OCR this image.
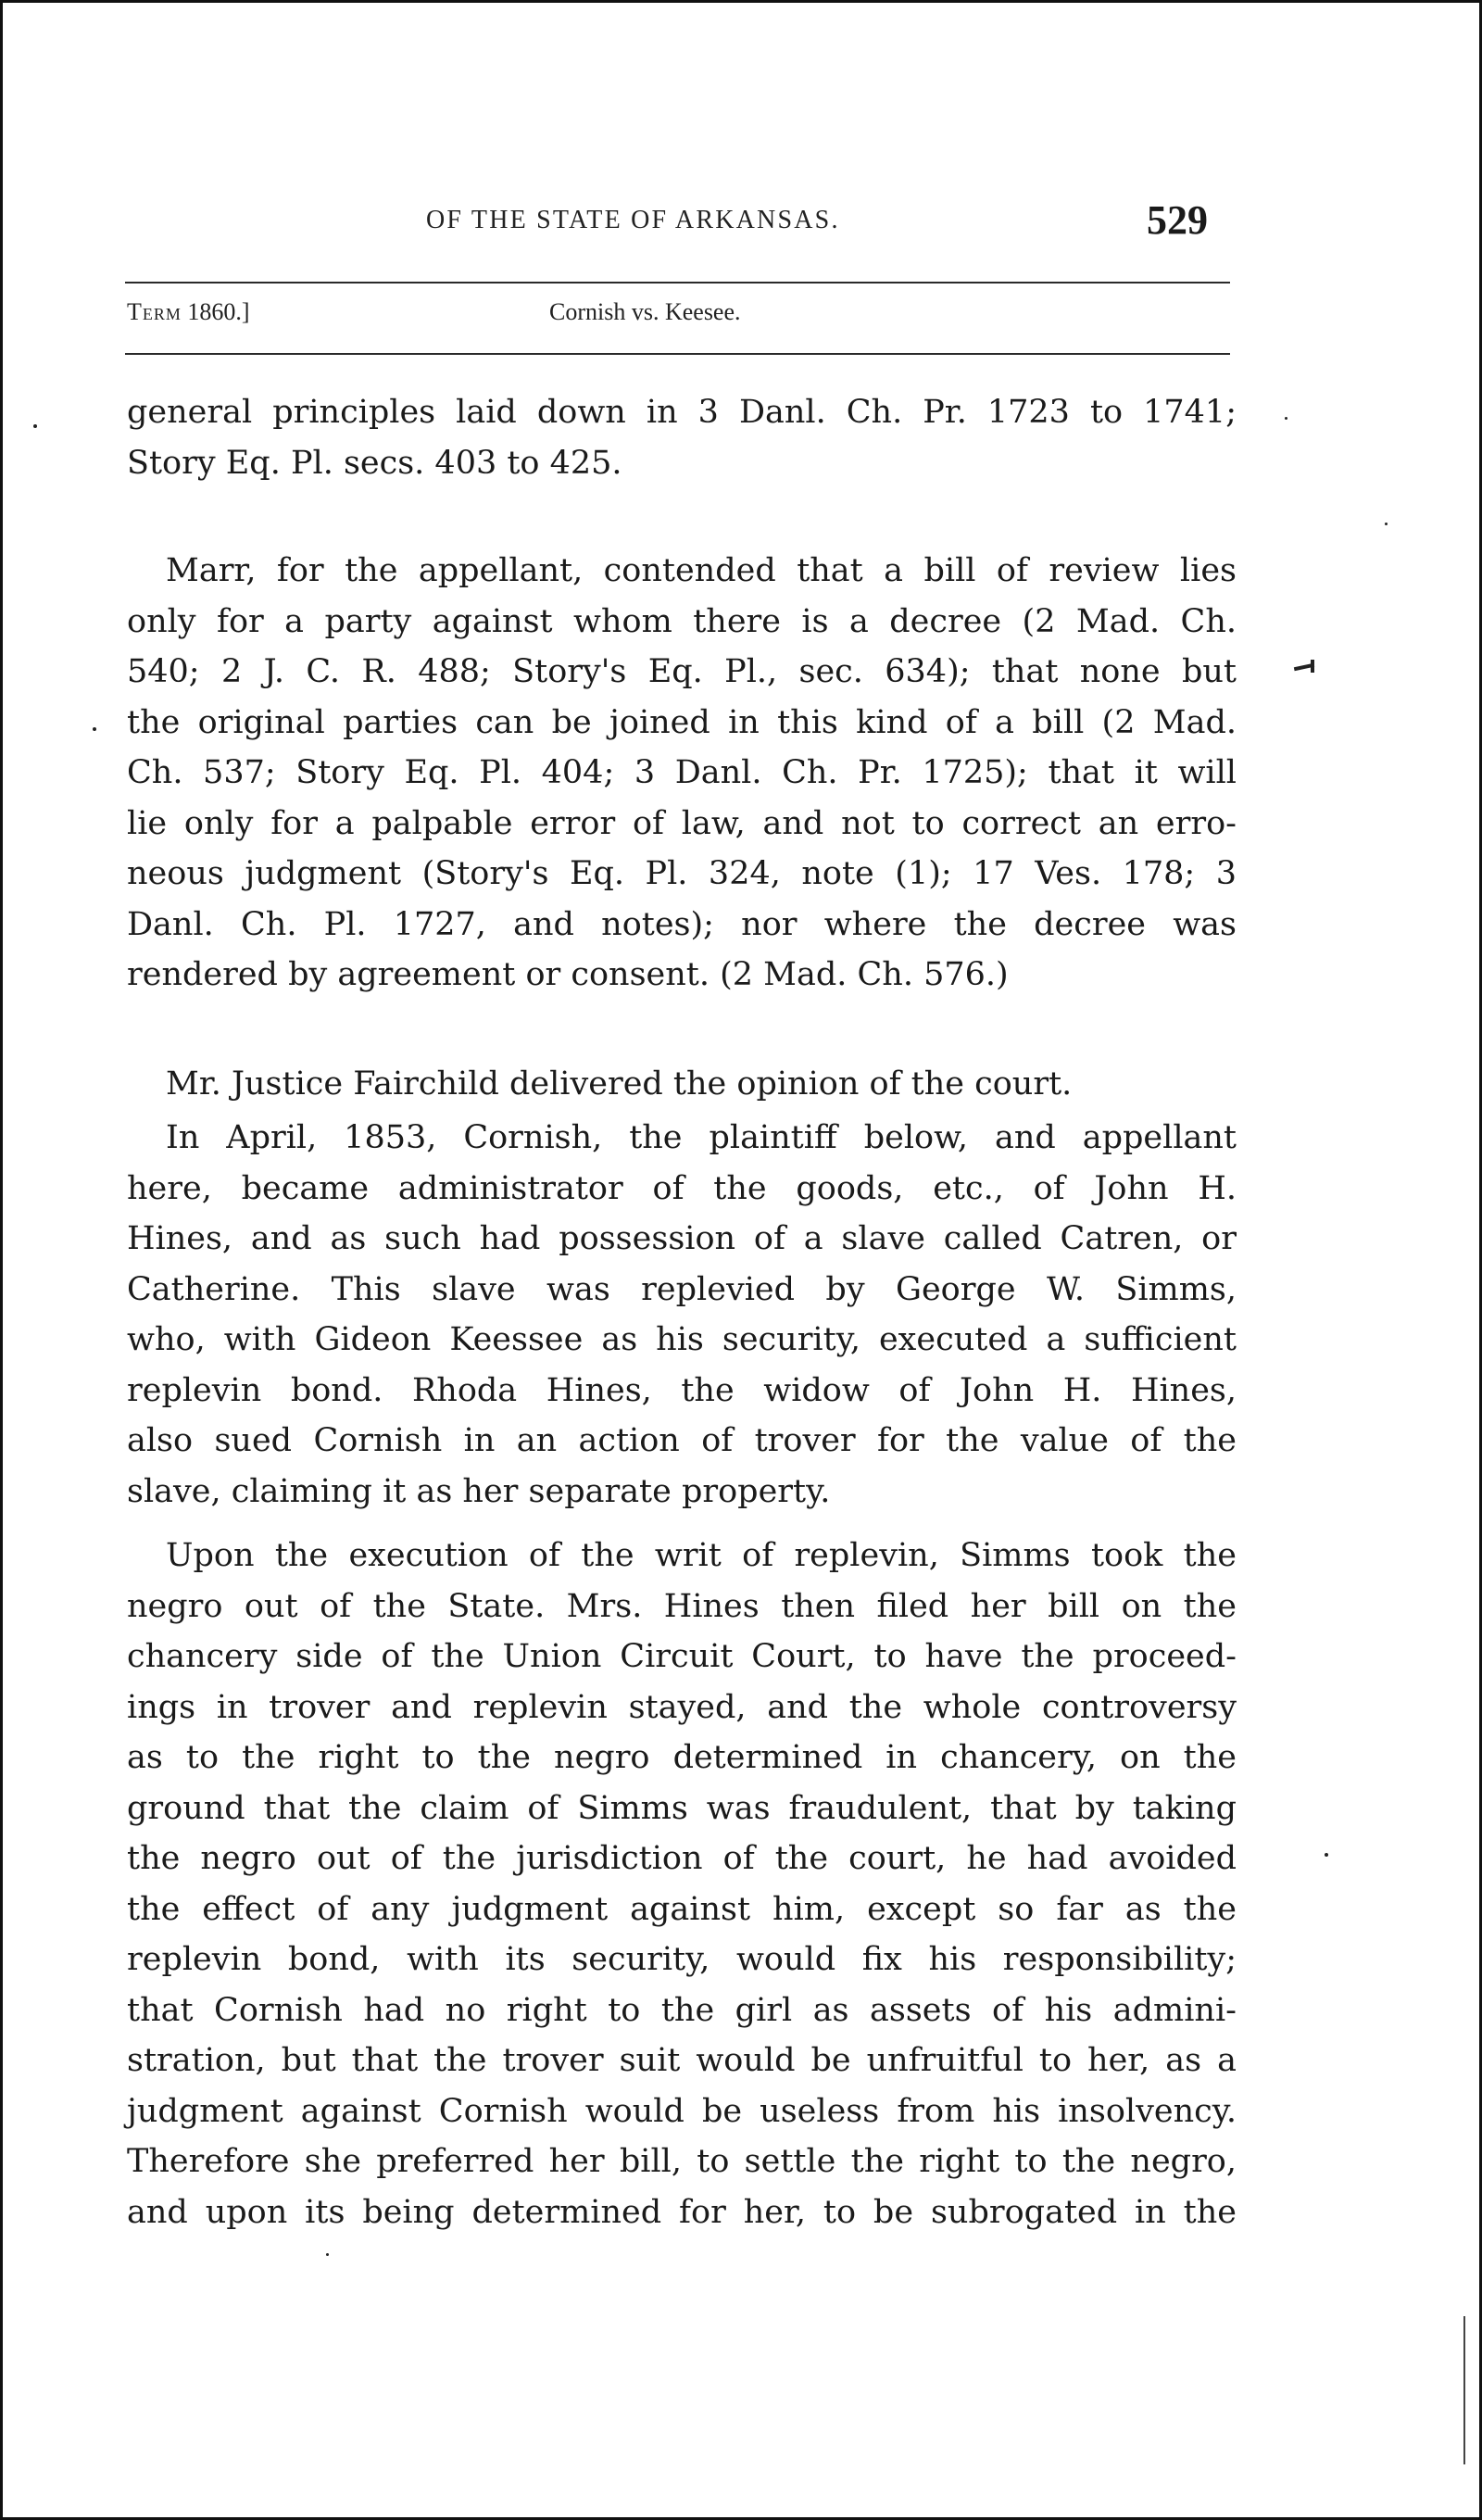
OF THE STATE OF ARKANSAS.	529
Term 1860.]	Cornish vs. Keesee.
general principles laid down in 3 Danl. Ch. Pr. 1723 to 1741;
Story Eq. Pl. secs. 403 to 425.
Marr, for the appellant, contended that a bill of review lies
only for a party against whom there is a decree (2 Mad. Ch.
540; 2 J. C. R. 488; Story's Eq. Pl., sec. 634); that none but
the original parties can be joined in this kind of a bill (2 Mad.
Ch. 537; Story Eq. Pl. 404; 3 Danl. Ch. Pr. 1725); that it will
lie only for a palpable error of law, and not to correct an erro-
neous judgment (Story's Eq. Pl. 324, note (1); 17 Ves. 178; 3
Danl. Ch. Pl. 1727, and notes); nor where the decree was
rendered by agreement or consent. (2 Mad. Ch. 576.)
Mr. Justice Fairchild delivered the opinion of the court.
In April, 1853, Cornish, the plaintiff below, and appellant
here, became administrator of the goods, etc., of John H.
Hines, and as such had possession of a slave called Catren, or
Catherine. This slave was replevied by George W. Simms,
who, with Gideon Keessee as his security, executed a sufficient
replevin bond. Rhoda Hines, the widow of John H. Hines,
also sued Cornish in an action of trover for the value of the
slave, claiming it as her separate property.
Upon the execution of the writ of replevin, Simms took the
negro out of the State. Mrs. Hines then filed her bill on the
chancery side of the Union Circuit Court, to have the proceed-
ings in trover and replevin stayed, and the whole controversy
as to the right to the negro determined in chancery, on the
ground that the claim of Simms was fraudulent, that by taking
the negro out of the jurisdiction of the court, he had avoided
the effect of any judgment against him, except so far as the
replevin bond, with its security, would fix his responsibility;
that Cornish had no right to the girl as assets of his admini-
stration, but that the trover suit would be unfruitful to her, as a
judgment against Cornish would be useless from his insolvency.
Therefore she preferred her bill, to settle the right to the negro,
and upon its being determined for her, to be subrogated in the
